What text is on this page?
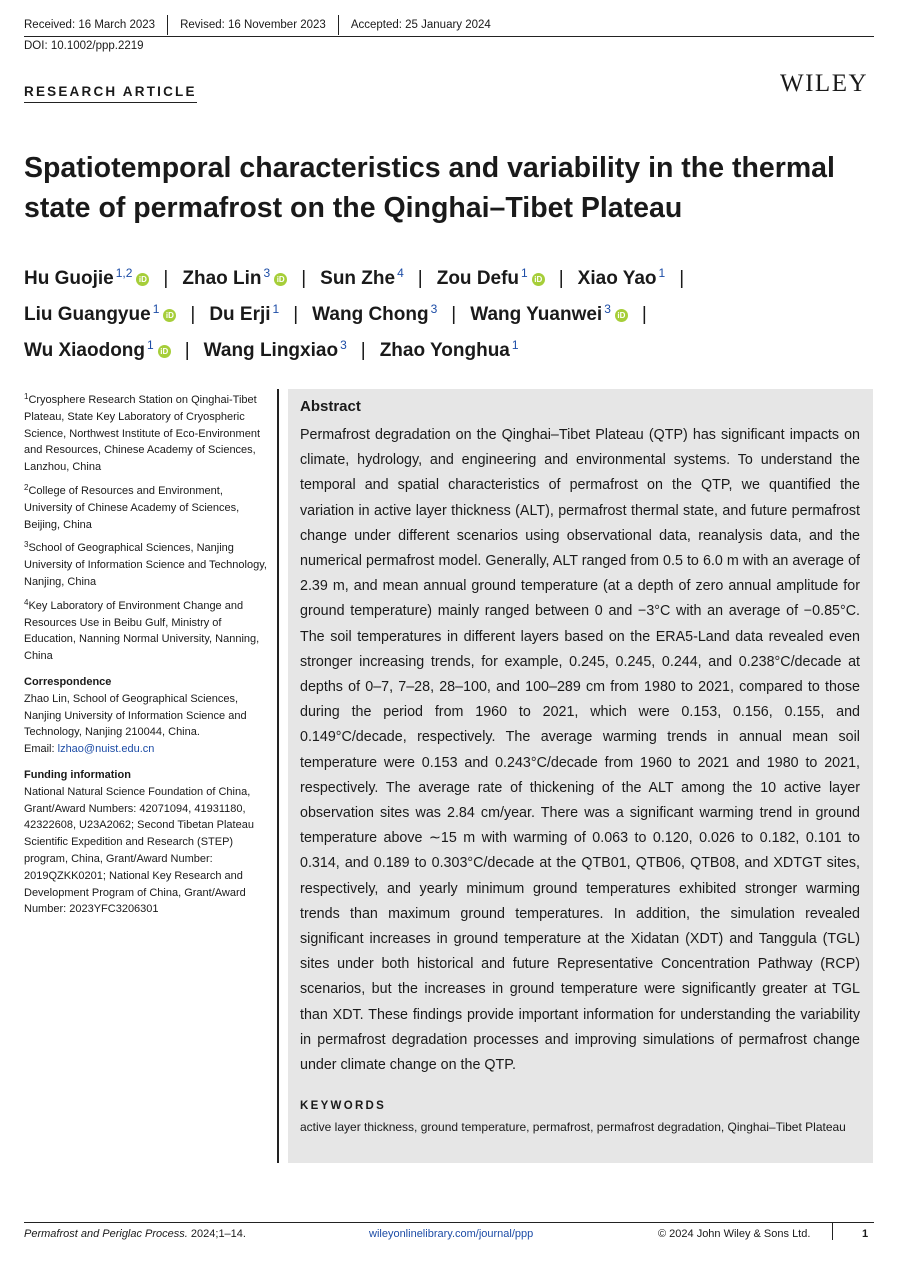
Received: 16 March 2023	Revised: 16 November 2023	Accepted: 25 January 2024
DOI: 10.1002/ppp.2219
RESEARCH ARTICLE	WILEY
Spatiotemporal characteristics and variability in the thermal state of permafrost on the Qinghai–Tibet Plateau
Hu Guojie $^{1,2}$ iD | Zhao Lin $^3$ iD | Sun Zhe $^4$ | Zou Defu $^1$ iD | Xiao Yao $^1$ |
Liu Guangyue $^1$ iD | Du Erji $^1$ | Wang Chong $^3$ | Wang Yuanwei $^3$ iD |
Wu Xiaodong $^1$ iD | Wang Lingxiao $^3$ | Zhao Yonghua $^1$
$^1$Cryosphere Research Station on Qinghai-Tibet Plateau, State Key Laboratory of Cryospheric Science, Northwest Institute of Eco-Environment and Resources, Chinese Academy of Sciences, Lanzhou, China
$^2$College of Resources and Environment, University of Chinese Academy of Sciences, Beijing, China
$^3$School of Geographical Sciences, Nanjing University of Information Science and Technology, Nanjing, China
$^4$Key Laboratory of Environment Change and Resources Use in Beibu Gulf, Ministry of Education, Nanning Normal University, Nanning, China
Correspondence
Zhao Lin, School of Geographical Sciences, Nanjing University of Information Science and Technology, Nanjing 210044, China.
Email: lzhao@nuist.edu.cn
Funding information
National Natural Science Foundation of China, Grant/Award Numbers: 42071094, 41931180, 42322608, U23A2062; Second Tibetan Plateau Scientific Expedition and Research (STEP) program, China, Grant/Award Number: 2019QZKK0201; National Key Research and Development Program of China, Grant/Award Number: 2023YFC3206301
Abstract
Permafrost degradation on the Qinghai–Tibet Plateau (QTP) has significant impacts on climate, hydrology, and engineering and environmental systems. To understand the temporal and spatial characteristics of permafrost on the QTP, we quantified the variation in active layer thickness (ALT), permafrost thermal state, and future permafrost change under different scenarios using observational data, reanalysis data, and the numerical permafrost model. Generally, ALT ranged from 0.5 to 6.0 m with an average of 2.39 m, and mean annual ground temperature (at a depth of zero annual amplitude for ground temperature) mainly ranged between 0 and −3°C with an average of −0.85°C. The soil temperatures in different layers based on the ERA5-Land data revealed even stronger increasing trends, for example, 0.245, 0.245, 0.244, and 0.238°C/decade at depths of 0–7, 7–28, 28–100, and 100–289 cm from 1980 to 2021, compared to those during the period from 1960 to 2021, which were 0.153, 0.156, 0.155, and 0.149°C/decade, respectively. The average warming trends in annual mean soil temperature were 0.153 and 0.243°C/decade from 1960 to 2021 and 1980 to 2021, respectively. The average rate of thickening of the ALT among the 10 active layer observation sites was 2.84 cm/year. There was a significant warming trend in ground temperature above ∼15 m with warming of 0.063 to 0.120, 0.026 to 0.182, 0.101 to 0.314, and 0.189 to 0.303°C/decade at the QTB01, QTB06, QTB08, and XDTGT sites, respectively, and yearly minimum ground temperatures exhibited stronger warming trends than maximum ground temperatures. In addition, the simulation revealed significant increases in ground temperature at the Xidatan (XDT) and Tanggula (TGL) sites under both historical and future Representative Concentration Pathway (RCP) scenarios, but the increases in ground temperature were significantly greater at TGL than XDT. These findings provide important information for understanding the variability in permafrost degradation processes and improving simulations of permafrost change under climate change on the QTP.
KEYWORDS
active layer thickness, ground temperature, permafrost, permafrost degradation, Qinghai–Tibet Plateau
Permafrost and Periglac Process. 2024;1–14.	wileyonlinelibrary.com/journal/ppp	© 2024 John Wiley & Sons Ltd.	1
